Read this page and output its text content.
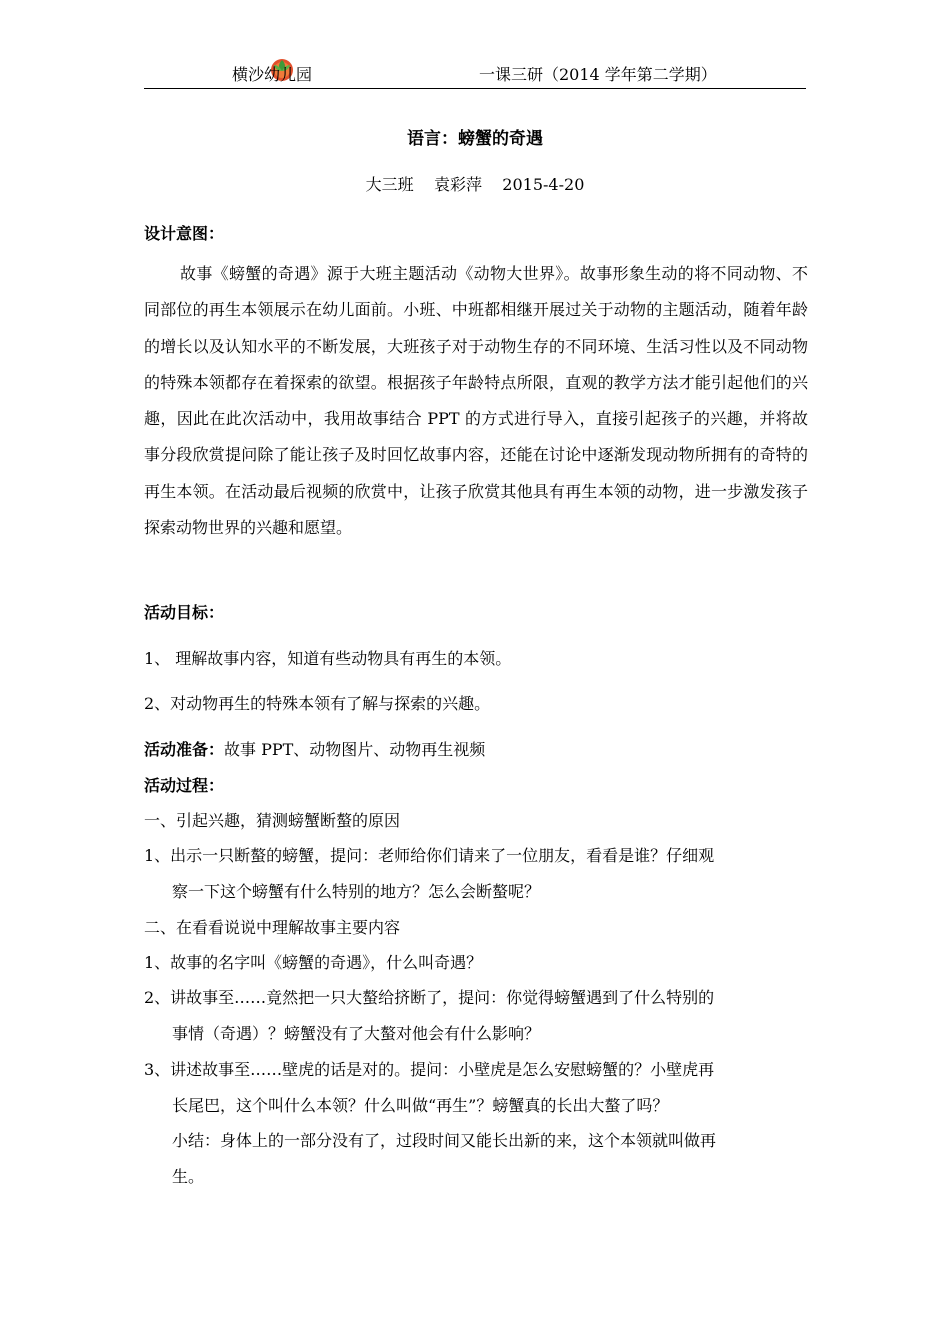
横沙幼儿园	一课三研（2014 学年第二学期）
语言：螃蟹的奇遇
大三班    袁彩萍    2015-4-20
设计意图：
故事《螃蟹的奇遇》源于大班主题活动《动物大世界》。故事形象生动的将不同动物、不同部位的再生本领展示在幼儿面前。小班、中班都相继开展过关于动物的主题活动，随着年龄的增长以及认知水平的不断发展，大班孩子对于动物生存的不同环境、生活习性以及不同动物的特殊本领都存在着探索的欲望。根据孩子年龄特点所限，直观的教学方法才能引起他们的兴趣，因此在此次活动中，我用故事结合 PPT 的方式进行导入，直接引起孩子的兴趣，并将故事分段欣赏提问除了能让孩子及时回忆故事内容，还能在讨论中逐渐发现动物所拥有的奇特的再生本领。在活动最后视频的欣赏中，让孩子欣赏其他具有再生本领的动物，进一步激发孩子探索动物世界的兴趣和愿望。
活动目标：
1、 理解故事内容，知道有些动物具有再生的本领。
2、对动物再生的特殊本领有了解与探索的兴趣。
活动准备：故事 PPT、动物图片、动物再生视频
活动过程：
一、引起兴趣，猜测螃蟹断螯的原因
1、出示一只断螯的螃蟹，提问：老师给你们请来了一位朋友，看看是谁？仔细观
察一下这个螃蟹有什么特别的地方？怎么会断螯呢？
二、在看看说说中理解故事主要内容
1、故事的名字叫《螃蟹的奇遇》，什么叫奇遇？
2、讲故事至……竟然把一只大螯给挤断了，提问：你觉得螃蟹遇到了什么特别的
事情（奇遇）？螃蟹没有了大螯对他会有什么影响？
3、讲述故事至……壁虎的话是对的。提问：小壁虎是怎么安慰螃蟹的？小壁虎再
长尾巴，这个叫什么本领？什么叫做“再生”？螃蟹真的长出大螯了吗？
小结：身体上的一部分没有了，过段时间又能长出新的来，这个本领就叫做再
生。
